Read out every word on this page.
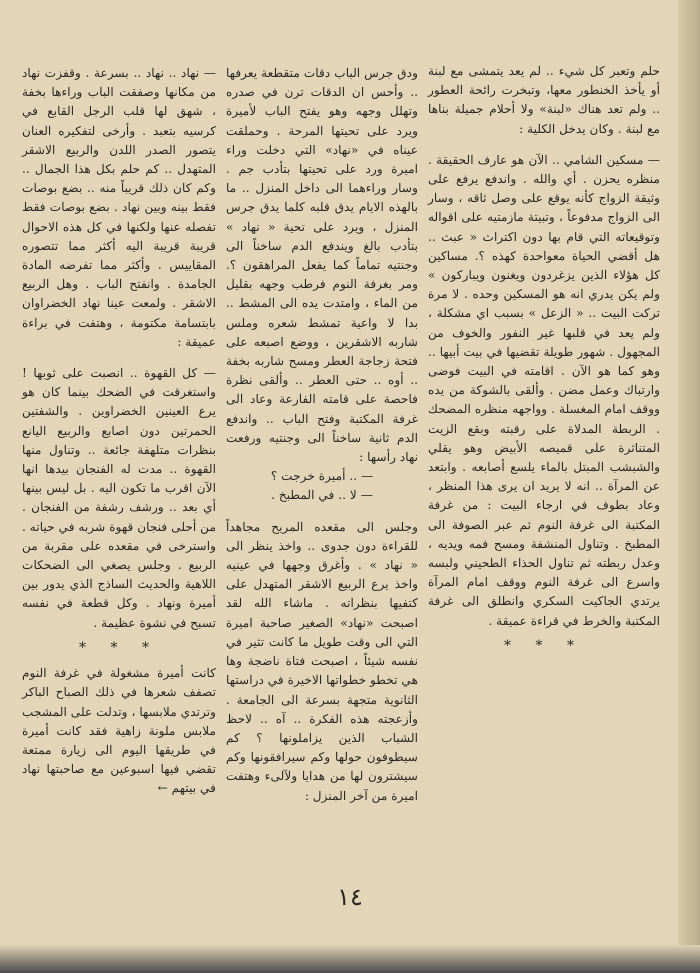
حلم وتعبر كل شيء .. لم يعد يتمشى مع لبنة أو يأخذ الخنطور معها، وتبخرت رائحة العطور .. ولم تعد هناك «لبنة» ولا أحلام جميلة بناها مع لبنة . وكان يدخل الكلية :

— مسكين الشامي .. الآن هو عارف الحقيقة . منظره يحزن . أي والله . واندفع يرفع على وثيقة الزواج كأنه يوقع على وصل ثاقه ، وسار الى الزواج مدفوعاً ، وتبيتة مازمتيه على اقواله وتوقيعاته التي قام بها دون اكتراث « عبث .. هل أقضي الحياة معواحدة كهذه ؟. مساكين كل هؤلاء الذين يزغردون ويغنون ويباركون » ولم يكن يدري انه هو المسكين وحده . لا مرة تركت البيت .. « الزعل » بسبب اي مشكلة ، ولم يعد في قلبها غير النفور والخوف من المجهول . شهور طويلة تقضيها في بيت أبيها .. وهو كما هو الآن . اقامته في البيت فوضى وارتباك وعمل مضن . وألقى بالشوكة من يده ووقف امام المغسلة . وواجهه منظره المضحك . الربطة المدلاة على رقبته وبقع الزيت المتناثرة على قميصه الأبيض وهو يقلي والشبشب المبتل بالماء يلسع أصابعه . وابتعد عن المرآة .. انه لا يريد ان يرى هذا المنظر ، وعاد بطوف في ارجاء البيت : من غرفة المكتبة الى غرفة النوم ثم عبر الصوفة الى المطبخ . وتناول المنشفة ومسح فمه ويديه ، وعدل ربطته ثم تناول الحذاء الطحيني ولبسه واسرع الى غرفة النوم ووقف امام المرآة يرتدي الجاكيت السكري وانطلق الى غرفة المكتبة والخرط في قراءة عميقة .

* * *

ودق جرس الباب دقات متقطعة يعرفها .. وأحس ان الدقات ترن في صدره وتهلل وجهه وهو يفتح الباب لأميرة ويرد على تحيتها المرحة . وحملقت عيناه في «نهاد» التي دخلت وراء اميرة ورد على تحيتها بتأدب جم . وسار وراءهما الى داخل المنزل .. ما بالهذه الايام يدق قلبه كلما يدق جرس المنزل ، ويرد على تحية « نهاد » بتأدب بالغ ويندفع الدم ساخناً الى وجنتيه تماماً كما يفعل المراهقون ؟. ومر بغرفة النوم فرطب وجهه بقليل من الماء ، وامتدت يده الى المشط .. بدا لا واعية تمشط شعره وملس شاربه الاشقرين ، ووضع اصبعه على فتحة زجاجة العطر ومسح شاربه بخفة .. أوه .. حتى العطر .. وألقى نظرة فاحصة على قامته الفارعة وعاد الى غرفة المكتبة وفتح الباب .. واندفع الدم ثانية ساخناً الى وجنتيه ورفعت نهاد رأسها :

— .. أميرة خرجت ؟

— لا .. في المطبخ .

وجلس الى مقعده المريح مجاهداً للقراءة دون جدوى .. واخذ ينظر الى « نهاد » . وأغرق وجهها في عينيه واخذ يرع الربيع الاشقر المتهدل على كتفيها بنظراته . ماشاء الله لقد اصبحت «نهاد» الصغير صاحبة اميرة التي الى وقت طويل ما كانت تثير في نفسه شيئاً ، اصبحت فتاة ناضجة وها هي تخطو خطواتها الاخيرة في دراستها الثانوية متجهة بسرعة الى الجامعة . وأزعجته هذه الفكرة .. آه .. لاحظ الشباب الذين يزاملونها ؟ كم سيطوفون حولها وكم سيرافقونها وكم سيشترون لها من هدايا ولآلىء وهتفت اميرة من آخر المنزل :

— نهاد .. نهاد .. بسرعة . وقفزت نهاد من مكانها وصفقت الباب وراءها بخفة ، شهق لها قلب الرجل القابع في كرسيه بتعبد . وأرخى لتفكيره العنان يتصور الصدر اللدن والربيع الاشقر المتهدل .. كم حلم بكل هذا الجمال .. وكم كان ذلك قريباً منه .. بضع بوصات فقط بينه وبين نهاد . بضع بوصات فقط تفصله عنها ولكنها في كل هذه الاحوال قريبة قريبة اليه أكثر مما تتصوره المقاييس . وأكثر مما تفرضه المادة الجامدة . وانفتح الباب . وهل الربيع الاشقر . ولمعت عينا نهاد الخضراوان بابتسامة مكتومة ، وهتفت في براءة عميقة :

— كل القهوة .. انصبت على ثوبها ! واستغرقت في الضحك بينما كان هو يرع العينين الخضراوين . والشفتين الحمرتين دون اصابع والربيع اليانع بنظرات متلهفة جائعة .. وتناول منها القهوة .. مدت له الفنجان بيدها انها الآن اقرب ما تكون اليه . بل ليس بينها أي بعد .. ورشف رشفة من الفنجان . من أحلى فنجان قهوة شربه في حياته . واسترخى في مقعده على مقربة من الربيع . وجلس يصغي الى الضحكات اللاهية والحديث الساذج الذي يدور بين أميرة ونهاد . وكل قطعة في نفسه تسبح في نشوة عظيمة .

* * *

كانت أميرة مشغولة في غرفة النوم تصفف شعرها في ذلك الصباح الباكر وترتدي ملابسها ، وتدلت على المشجب ملابس ملونة زاهية فقد كانت أميرة في طريقها اليوم الى زيارة ممتعة تقضي فيها اسبوعين مع صاحبتها نهاد في بيتهم ←

١٤
